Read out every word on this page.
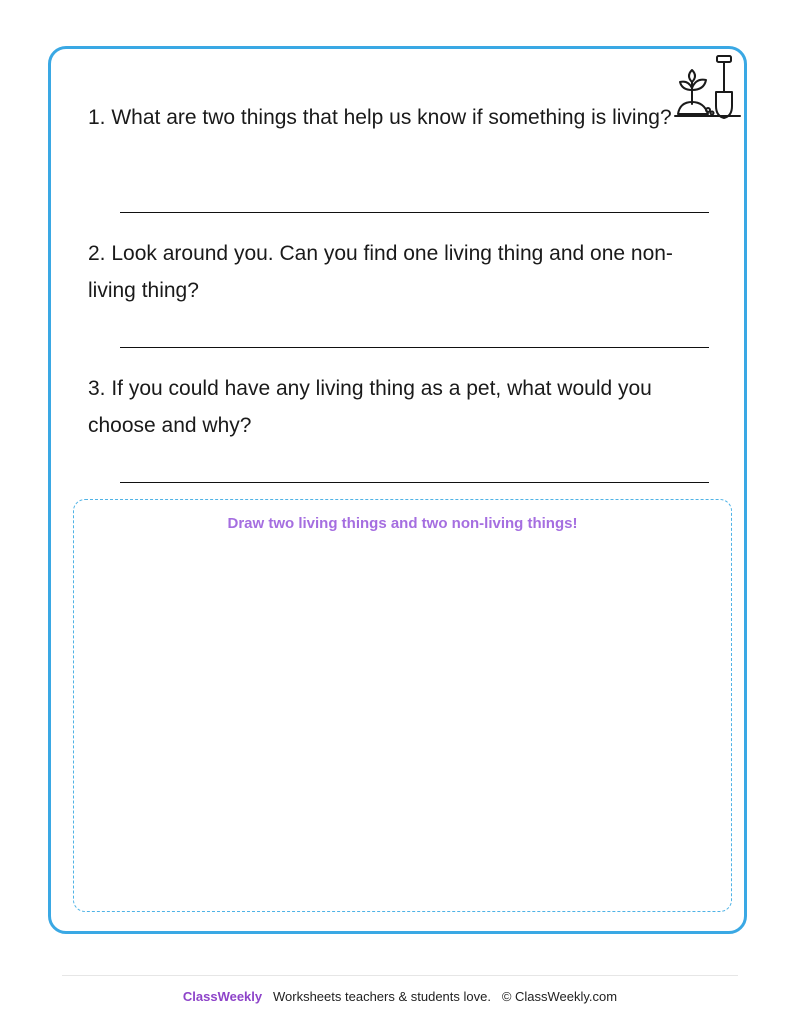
1. What are two things that help us know if something is living?
2. Look around you. Can you find one living thing and one non-living thing?
3. If you could have any living thing as a pet, what would you choose and why?
Draw two living things and two non-living things!
ClassWeekly Worksheets teachers & students love. © ClassWeekly.com
